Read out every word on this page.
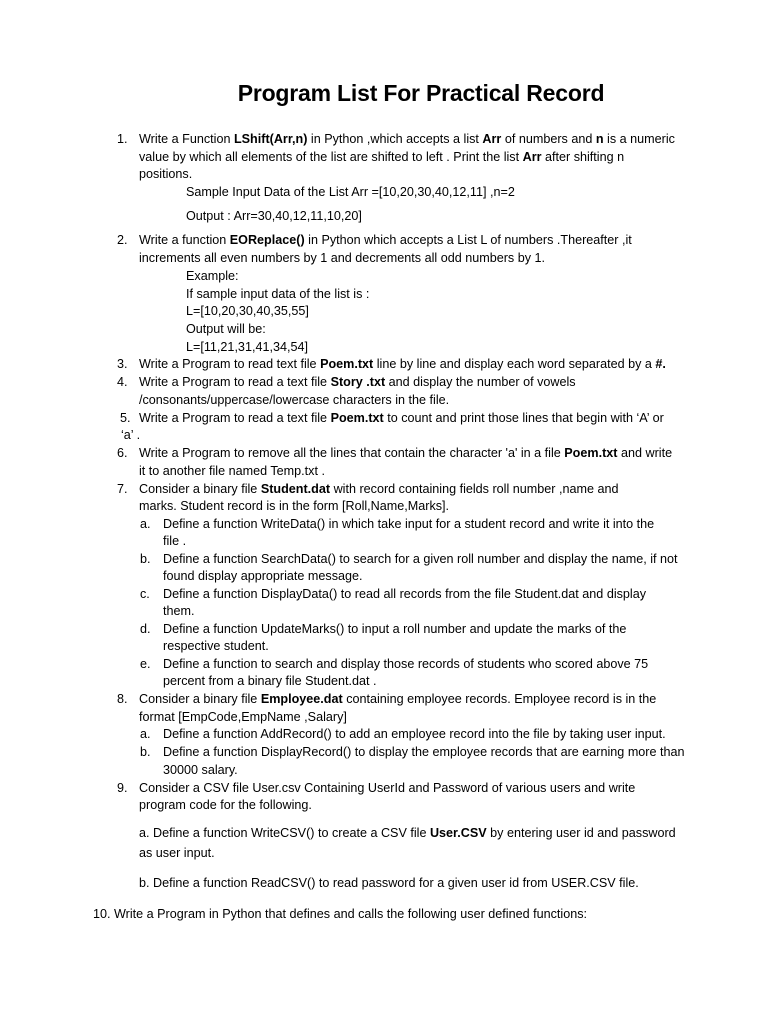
Program List For Practical Record
1. Write a Function LShift(Arr,n) in Python ,which accepts a list Arr of numbers and n is a numeric
value by which all elements of the list are shifted to left . Print the list Arr after shifting n
positions.
Sample Input Data of the List Arr =[10,20,30,40,12,11] ,n=2
Output : Arr=30,40,12,11,10,20]
2. Write a function EOReplace() in Python which accepts a List L of numbers .Thereafter ,it
increments all even numbers by 1 and decrements all odd numbers by 1.
Example:
If sample input data of the list is :
L=[10,20,30,40,35,55]
Output will be:
L=[11,21,31,41,34,54]
3. Write a Program to read text file Poem.txt line by line and display each word separated by a #.
4. Write a Program to read a text file Story .txt and display the number of vowels
/consonants/uppercase/lowercase characters in the file.
5. Write a Program to read a text file Poem.txt to count and print those lines that begin with ‘A’ or
‘a’ .
6. Write a Program to remove all the lines that contain the character 'a' in a file Poem.txt and write
it to another file named Temp.txt .
7. Consider a binary file Student.dat with record containing fields roll number ,name and
marks. Student record is in the form [Roll,Name,Marks].
a. Define a function WriteData() in which take input for a student record and write it into the
file .
b. Define a function SearchData() to search for a given roll number and display the name, if not
found display appropriate message.
c. Define a function DisplayData() to read all records from the file Student.dat and display
them.
d. Define a function UpdateMarks() to input a roll number and update the marks of the
respective student.
e. Define a function to search and display those records of students who scored above 75
percent from a binary file Student.dat .
8. Consider a binary file Employee.dat containing employee records. Employee record is in the
format [EmpCode,EmpName ,Salary]
a. Define a function AddRecord() to add an employee record into the file by taking user input.
b. Define a function DisplayRecord() to display the employee records that are earning more than
30000 salary.
9. Consider a CSV file User.csv Containing UserId and Password of various users and write
program code for the following.
a. Define a function WriteCSV() to create a CSV file User.CSV by entering user id and password
as user input.
b. Define a function ReadCSV() to read password for a given user id from USER.CSV file.
10. Write a Program in Python that defines and calls the following user defined functions:
